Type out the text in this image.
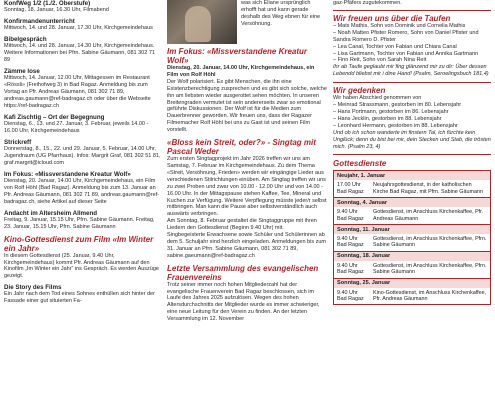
KonfWeg 1/2 (1./2. Oberstufe)

Sonntag, 18. Januar, 16.30 Uhr, Filmabend

Konfirmandenunterricht

Mittwoch, 14. und 28. Januar, 17.30 Uhr, Kirchgemeindehaus

Bibelgespräch

Mittwoch, 14. und 28. Januar, 14.30 Uhr, Kirchgemeindehaus. Weitere Informationen bei Pfrn. Sabine Gäumann, 081 302 71 89

Zämme lose

Mittwoch, 14. Januar, 12.00 Uhr, Mittagessen im Restaurant «Rössli» (Freihofweg 3) in Bad Ragaz. Anmeldung bis zum Vortag an Pfr. Andreas Gäumann, 081 302 71 89, andreas.gaumann@ref-badragaz.ch oder über die Webseite https://ref-badragaz.ch

Kafi Zischtig – Ort der Begegnung

Dienstag, 6., 13. und 27. Januar, 3. Februar, jeweils 14.00 - 16.00 Uhr, Kirchgemeindehaus

Strickreff

Donnerstag, 8., 15., 22. und 29. Januar, 5. Februar, 14.00 Uhr, Jugendraum (UG Pfarrhaus). Infos: Margrit Graf, 081 302 51 81, graf.margrit@icloud.com

Im Fokus: «Missverstandene Kreatur Wolf»

Dienstag, 20. Januar, 14.00 Uhr, Kirchgemeindehaus, ein Film von Rolf Höhl (Bad Ragaz). Anmeldung bis zum 13. Januar an Pfr. Andreas Gäumann, 081 302 71 89, andreas.gaumann@ref-badragaz.ch, siehe Artikel auf dieser Seite

Andacht im Altersheim Allmend

Freitag, 9. Januar, 15.15 Uhr, Pfrn. Sabine Gäumann. Freitag, 23. Januar, 15.15 Uhr, Pfrn. Sabine Gäumann

Kino-Gottesdienst zum Film «Im Winter ein Jahr»

In diesem Gottesdienst (25. Januar, 9.40 Uhr, Kirchgemeindehaus) kommt Pfr. Andreas Gäumann auf den Kinofilm „Im Winter ein Jahr“ ins Gespräch. Es werden Auszüge gezeigt.

Die Story des Films

Ein Jahr nach dem Tod eines Sohnes enthüllen sich hinter der Fassade einer gut situierten Fa-

was sich Eliane ursprünglich erhofft hat und kann gerade deshalb des Weg ebnen für eine Versöhnung.

Im Fokus: «Missverstandene Kreatur Wolf»

Dienstag, 20. Januar, 14.00 Uhr, Kirchgemeindehaus, ein Film von Rolf Höhl

Der Wolf polarisiert. Es gibt Menschen, die ihn eine Existenzberechtigung zusprechen und es gibt sich solche, welche ihn am liebsten wieder ausgerottet sehen möchten. In unseren Breitengraden vermutet ist sein andererseits zwar so emotional geführte Diskussionen. Der Wolf ist für die Medien zum Dauerbrenner geworden. Wir freuen uns, dass der Ragazer Filmemacher Rolf Höhl bei uns zu Gast ist und seinen Film vorstellt.

«Bloss kein Streit, oder?» - Singtag mit Pascal Weder

Zum ersten Singtagprojekt im Jahr 2026 treffen wir uns am Samstag, 7. Februar im Kirchgemeindehaus. Zu dem Thema «Streit, Versöhnung, Frieden» werden wir eingängige Lieder aus verschiedenen Stilrichtungen einüben. Am Singtag treffen wir uns zu zwei Proben und zwar von 10.00 - 12.00 Uhr und von 14.00 - 16.00 Uhr. In der Mittagspause stehen Kaffee, Tee, Mineral und Kuchen zur Verfügung. Weitere Verpflegung müsste jeder/r selbst mitbringen. Man kann die Pause aber selbstverständlich auch auswärts verbringen.

Am Sonntag, 8. Februar gestaltet die Singtaggruppe mit ihren Liedern den Gottesdienst (Beginn 9.40 Uhr) mit.

Singbegeisterte Erwachsene sowie Schüler und Schülerinnen ab dem 5. Schuljahr sind herzlich eingeladen. Anmeldungen bis zum 31. Januar an Pfrn. Sabine Gäumann, 081 302 71 89, sabine.gaeumann@ref-badragaz.ch

Letzte Versammlung des evangelischen Frauenvereins

Trotz seiner immer noch hohen Mitgliederzahl hat der evangelische Frauenverein Bad Ragaz beschlossen, sich im Laufe des Jahres 2025 aufzulösen. Wegen des hohen Altersdurchschnitts der Mitglieder wurde es immer schwieriger, eine neue Leitung für den Verein zu finden. An der letzten Versammlung im 12. November

gaz-Pfäfers zugutekommen.

Wir freuen uns über die Taufen
– Mats Mathis, Sohn von Dominik und Cornelia Mathis
– Noah Matteo Pfister Romero, Sohn von Daniel Pfister und Sandra Romero D. Pfister
– Lea Canal, Tochter von Fabian und Chiara Canal
– Lisa Gartmann, Tochter von Fabian und Annika Gartmann
– Finn Reit, Sohn von Sarah Nina Reit

Ihr ab Taufe geglaubt mir fing glänzend mir zu dir: Über dessen Lebendd bliebst mir i dine Hand! (Psalm, Seroelingsbuch 181,4)

Wir gedenken

Wir haben Abschied genommen von

– Meinrad Strassmann, gestorben im 80. Lebensjahr
– Hans Portmann, gestorben im 86. Lebensjahr
– Hans Jecklin, gestorben im 88. Lebensjahr
– Leonhard Hermann, gestorben im 88. Lebensjahr

Und ob ich schon wanderte im finstern Tal, ich fürchte kein Unglück; denn du bist bei mir, dein Stecken und Stab, die trösten mich. (Psalm 23, 4)

Gottesdienste
Neujahr, 1. Januar	
17.00 Uhr Bad Ragaz	Neujahrsgottesdienst, in der katholischen Kirche Bad Ragaz, mit Pfrn. Sabine Gäumann
Sonntag, 4. Januar	
9.40 Uhr Bad Ragaz	Gottesdienst, im Anschluss Kirchenkaffee, Pfr. Andreas Gäumann
Sonntag, 11. Januar	
9.40 Uhr Bad Ragaz	Gottesdienst, im Anschluss Kirchenkaffee, Pfrn. Sabine Gäumann
Sonntag, 18. Januar	
9.40 Uhr Bad Ragaz	Gottesdienst, im Anschluss Kirchenkaffee, Pfrn. Sabine Gäumann
Sonntag, 25. Januar	
9.40 Uhr Bad Ragaz	Kino-Gottesdienst, im Anschluss Kirchenkaffee, Pfr. Andreas Gäumann
